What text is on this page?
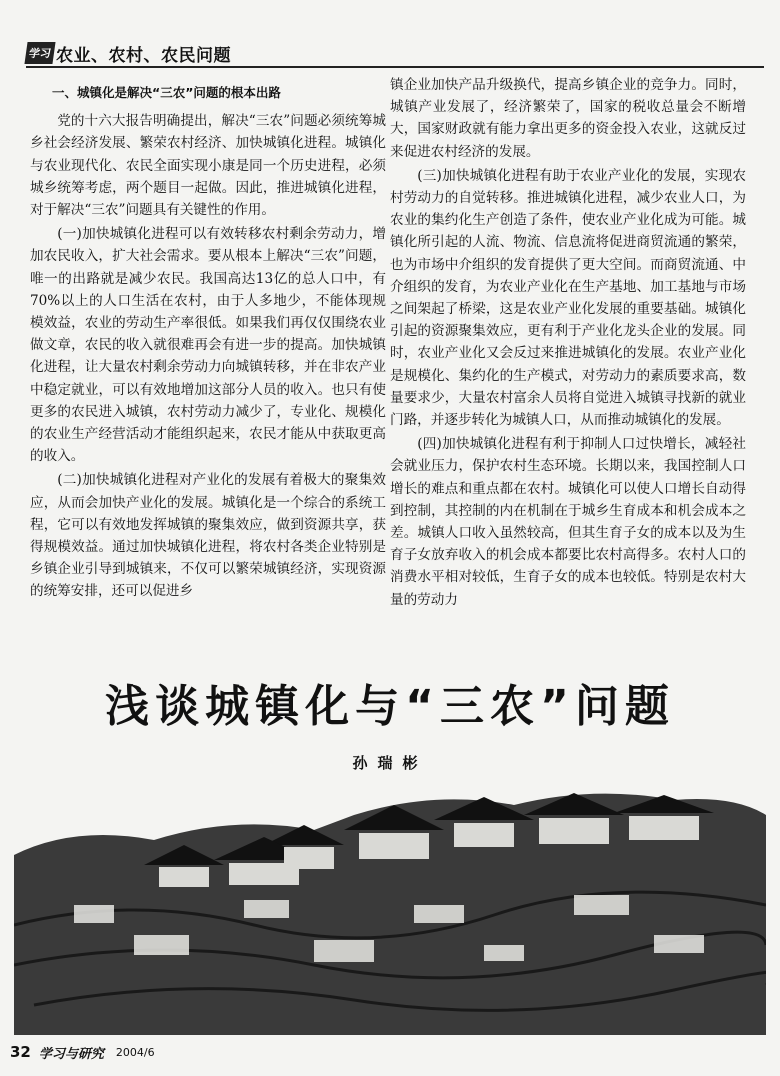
学习 农业、农村、农民问题
一、城镇化是解决“三农”问题的根本出路

党的十六大报告明确提出，解决“三农”问题必须统筹城乡社会经济发展、繁荣农村经济、加快城镇化进程。城镇化与农业现代化、农民全面实现小康是同一个历史进程，必须城乡统筹考虑，两个题目一起做。因此，推进城镇化进程，对于解决“三农”问题具有关键性的作用。

(一)加快城镇化进程可以有效转移农村剩余劳动力，增加农民收入，扩大社会需求。要从根本上解决“三农”问题，唯一的出路就是减少农民。我国高达13亿的总人口中，有70%以上的人口生活在农村，由于人多地少，不能体现规模效益，农业的劳动生产率很低。如果我们再仅仅围绕农业做文章，农民的收入就很难再会有进一步的提高。加快城镇化进程，让大量农村剩余劳动力向城镇转移，并在非农产业中稳定就业，可以有效地增加这部分人员的收入。也只有使更多的农民进入城镇，农村劳动力减少了，专业化、规模化的农业生产经营活动才能组织起来，农民才能从中获取更高的收入。

(二)加快城镇化进程对产业化的发展有着极大的聚集效应，从而会加快产业化的发展。城镇化是一个综合的系统工程，它可以有效地发挥城镇的聚集效应，做到资源共享，获得规模效益。通过加快城镇化进程，将农村各类企业特别是乡镇企业引导到城镇来，不仅可以繁荣城镇经济，实现资源的统筹安排，还可以促进乡

镇企业加快产品升级换代，提高乡镇企业的竞争力。同时，城镇产业发展了，经济繁荣了，国家的税收总量会不断增大，国家财政就有能力拿出更多的资金投入农业，这就反过来促进农村经济的发展。

(三)加快城镇化进程有助于农业产业化的发展，实现农村劳动力的自觉转移。推进城镇化进程，减少农业人口，为农业的集约化生产创造了条件，使农业产业化成为可能。城镇化所引起的人流、物流、信息流将促进商贸流通的繁荣，也为市场中介组织的发育提供了更大空间。而商贸流通、中介组织的发育，为农业产业化在生产基地、加工基地与市场之间架起了桥梁，这是农业产业化发展的重要基础。城镇化引起的资源聚集效应，更有利于产业化龙头企业的发展。同时，农业产业化又会反过来推进城镇化的发展。农业产业化是规模化、集约化的生产模式，对劳动力的素质要求高，数量要求少，大量农村富余人员将自觉进入城镇寻找新的就业门路，并逐步转化为城镇人口，从而推动城镇化的发展。

(四)加快城镇化进程有利于抑制人口过快增长，减轻社会就业压力，保护农村生态环境。长期以来，我国控制人口增长的难点和重点都在农村。城镇化可以使人口增长自动得到控制，其控制的内在机制在于城乡生育成本和机会成本之差。城镇人口收入虽然较高，但其生育子女的成本以及为生育子女放弃收入的机会成本都要比农村高得多。农村人口的消费水平相对较低，生育子女的成本也较低。特别是农村大量的劳动力

浅谈城镇化与“三农”问题
孙瑞彬
32 学习与研究 2004/6
